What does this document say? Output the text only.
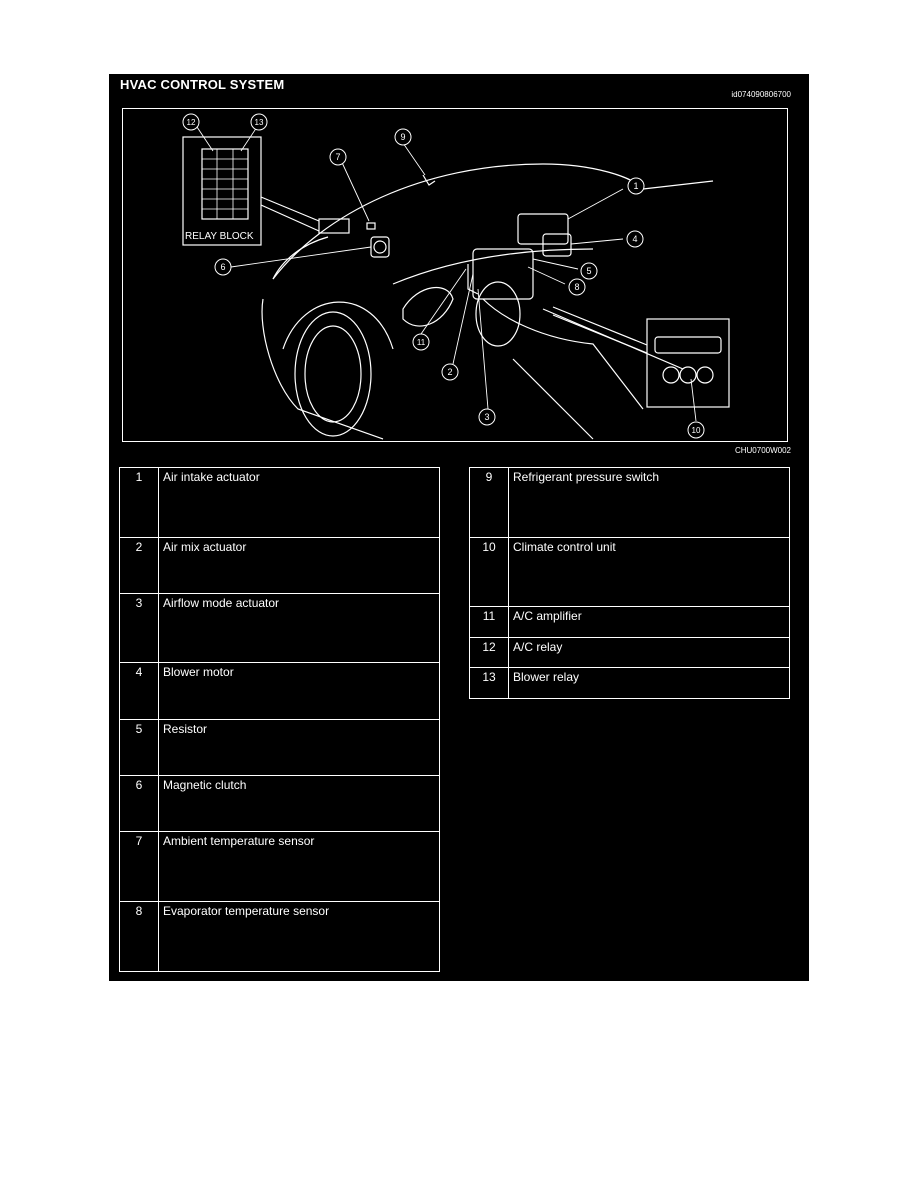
HVAC CONTROL SYSTEM
id074090806700
RELAY BLOCK
1
2
3
4
5
6
7
8
9
10
11
12	13
CHU0700W002
1	Air intake actuator
2	Air mix actuator
3	Airflow mode actuator
4	Blower motor
5	Resistor
6	Magnetic clutch
7	Ambient temperature sensor
8	Evaporator temperature sensor
9	Refrigerant pressure switch
10	Climate control unit
11	A/C amplifier
12	A/C relay
13	Blower relay
